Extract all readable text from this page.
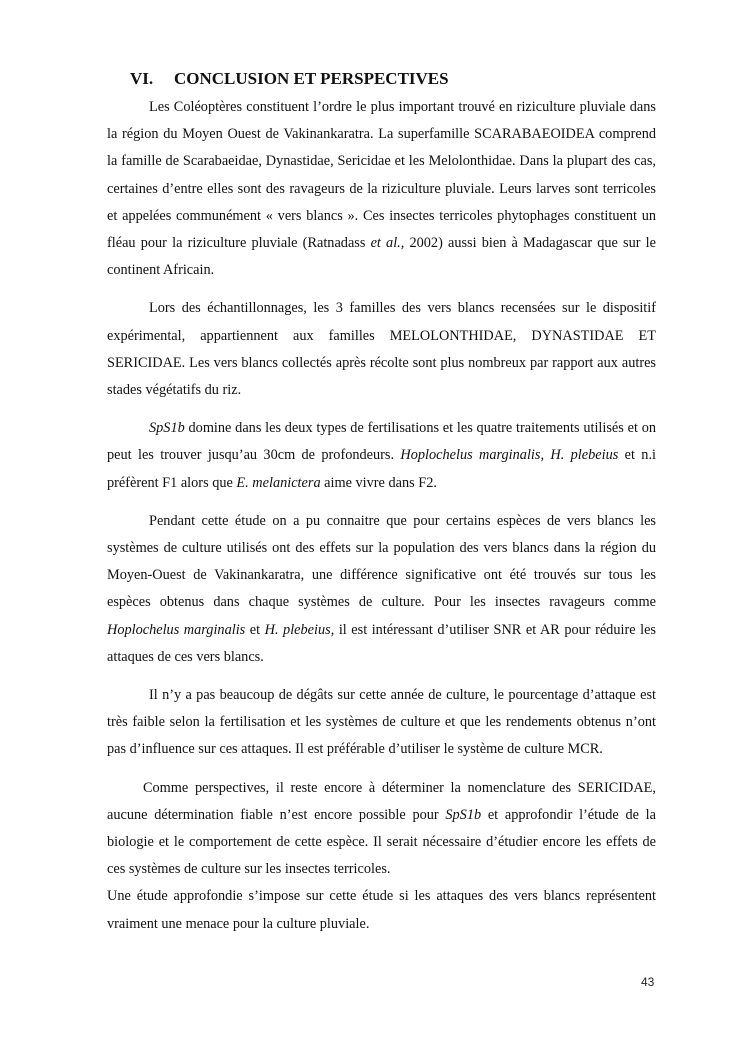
VI. CONCLUSION ET PERSPECTIVES

Les Coléoptères constituent l’ordre le plus important trouvé en riziculture pluviale dans la région du Moyen Ouest de Vakinankaratra. La superfamille SCARABAEOIDEA comprend la famille de Scarabaeidae, Dynastidae, Sericidae et les Melolonthidae. Dans la plupart des cas, certaines d’entre elles sont des ravageurs de la riziculture pluviale. Leurs larves sont terricoles et appelées communément « vers blancs ». Ces insectes terricoles phytophages constituent un fléau pour la riziculture pluviale (Ratnadass et al., 2002) aussi bien à Madagascar que sur le continent Africain.

Lors des échantillonnages, les 3 familles des vers blancs recensées sur le dispositif expérimental, appartiennent aux familles MELOLONTHIDAE, DYNASTIDAE ET SERICIDAE. Les vers blancs collectés après récolte sont plus nombreux par rapport aux autres stades végétatifs du riz.

SpS1b domine dans les deux types de fertilisations et les quatre traitements utilisés et on peut les trouver jusqu’au 30cm de profondeurs. Hoplochelus marginalis, H. plebeius et n.i préfèrent F1 alors que E. melanictera aime vivre dans F2.

Pendant cette étude on a pu connaitre que pour certains espèces de vers blancs les systèmes de culture utilisés ont des effets sur la population des vers blancs dans la région du Moyen-Ouest de Vakinankaratra, une différence significative ont été trouvés sur tous les espèces obtenus dans chaque systèmes de culture. Pour les insectes ravageurs comme Hoplochelus marginalis et H. plebeius, il est intéressant d’utiliser SNR et AR pour réduire les attaques de ces vers blancs.

Il n’y a pas beaucoup de dégâts sur cette année de culture, le pourcentage d’attaque est très faible selon la fertilisation et les systèmes de culture et que les rendements obtenus n’ont pas d’influence sur ces attaques. Il est préférable d’utiliser le système de culture MCR.

Comme perspectives, il reste encore à déterminer la nomenclature des SERICIDAE, aucune détermination fiable n’est encore possible pour SpS1b et approfondir l’étude de la biologie et le comportement de cette espèce. Il serait nécessaire d’étudier encore les effets de ces systèmes de culture sur les insectes terricoles.

Une étude approfondie s’impose sur cette étude si les attaques des vers blancs représentent vraiment une menace pour la culture pluviale.

43
